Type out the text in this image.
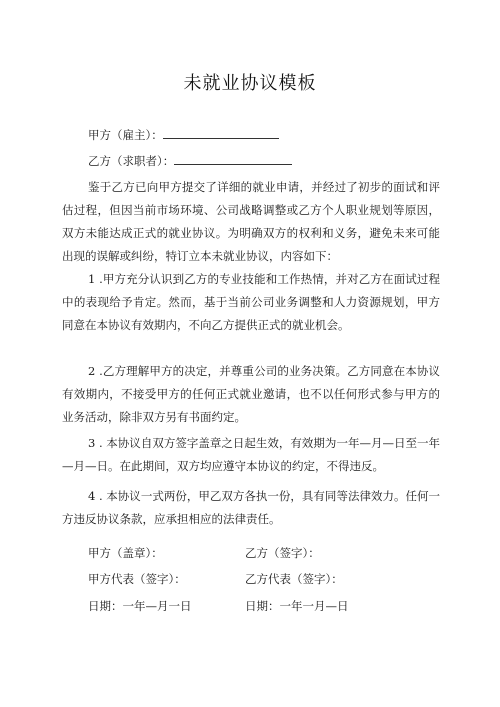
未就业协议模板
甲方（雇主）：
乙方（求职者）：

鉴于乙方已向甲方提交了详细的就业申请，并经过了初步的面试和评估过程，但因当前市场环境、公司战略调整或乙方个人职业规划等原因，双方未能达成正式的就业协议。为明确双方的权利和义务，避免未来可能出现的误解或纠纷，特订立本未就业协议，内容如下：

1 .甲方充分认识到乙方的专业技能和工作热情，并对乙方在面试过程中的表现给予肯定。然而，基于当前公司业务调整和人力资源规划，甲方同意在本协议有效期内，不向乙方提供正式的就业机会。

2 .乙方理解甲方的决定，并尊重公司的业务决策。乙方同意在本协议有效期内，不接受甲方的任何正式就业邀请，也不以任何形式参与甲方的业务活动，除非双方另有书面约定。

3 . 本协议自双方签字盖章之日起生效，有效期为一年—月—日至一年—月—日。在此期间，双方均应遵守本协议的约定，不得违反。

4 . 本协议一式两份，甲乙双方各执一份，具有同等法律效力。任何一方违反协议条款，应承担相应的法律责任。

甲方（盖章）：	乙方（签字）：
甲方代表（签字）：	乙方代表（签字）：
日期：一年—月一日	日期：一年一月—日
